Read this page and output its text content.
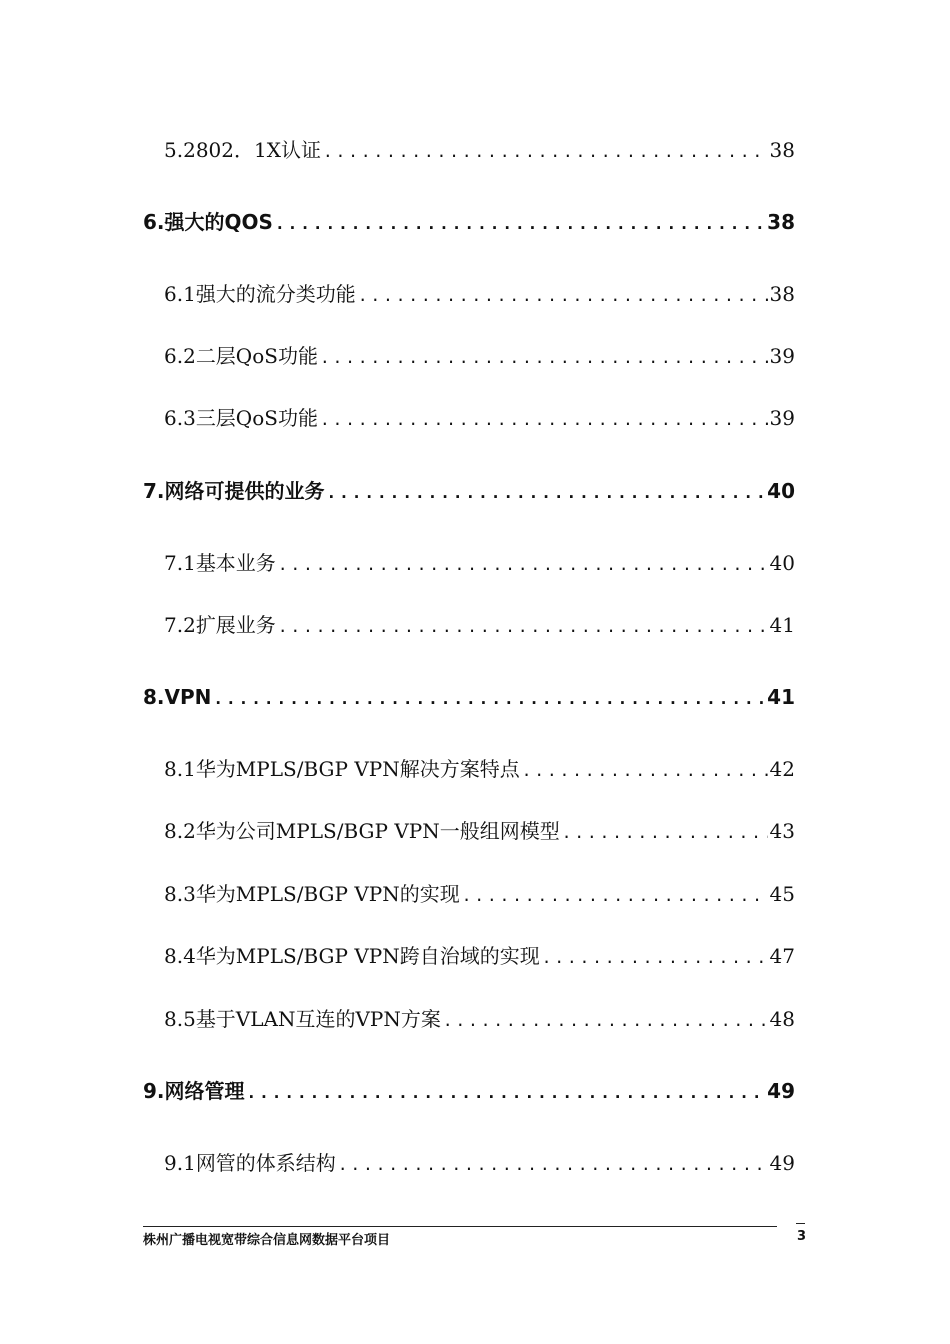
5.2 802．1X认证 .....	38
6. 强大的QOS .....	38
6.1 强大的流分类功能 .....	38
6.2 二层QoS功能 .....	39
6.3 三层QoS功能 .....	39
7. 网络可提供的业务 .....	40
7.1 基本业务 .....	40
7.2 扩展业务 .....	41
8. VPN .....	41
8.1 华为MPLS/BGP VPN解决方案特点 .....	42
8.2 华为公司MPLS/BGP VPN一般组网模型 .....	43
8.3 华为MPLS/BGP VPN的实现 .....	45
8.4 华为MPLS/BGP VPN跨自治域的实现 .....	47
8.5 基于VLAN互连的VPN方案 .....	48
9. 网络管理 .....	49
9.1 网管的体系结构 .....	49
株州广播电视宽带综合信息网数据平台项目	3
